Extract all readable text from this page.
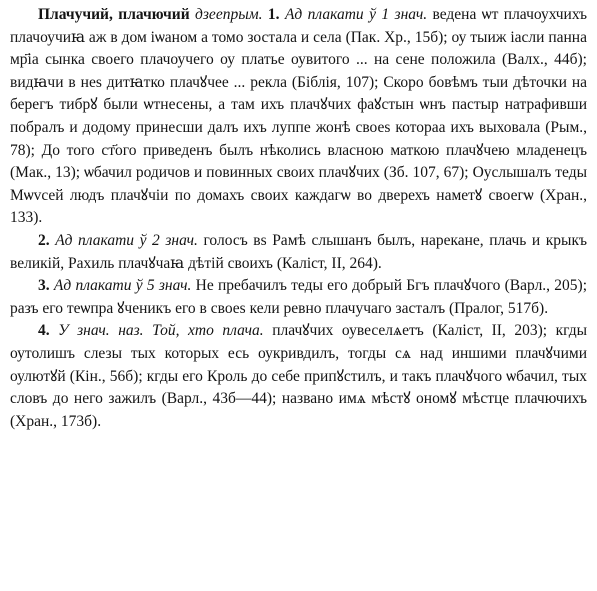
Плачучий, плачючий дзеепрым. 1. Ад плакати ў 1 знач. ведена ѡт плачоухчихъ плачоучиꙗ аж в дом iѡаном а томо зостала и села (Пак. Хр., 15б); оу тыиж iасли панна мр҃iа сынка своего плачоучего оу платье оувитого ... на сене положила (Валх., 44б); видꙗчи в неs дитꙗтко плачꙋчее ... рекла (Біблія, 107); Скоро бовѣмъ тыи дѣточки на берегъ тибрꙋ были ѡтнесены, а там ихъ плачꙋчих фаꙋстын ѡнъ пастыр натрафивши побралъ и додому принесши далъ ихъ луппе жонѣ своеs котораа ихъ выховала (Рым., 78); До того ст҃ого приведенъ былъ нѣколись власною маткою плачꙋчею младенецъ (Мак., 13); ѡбачил родичов и повинных своих плачꙋчих (Зб. 107, 67); Оуслышалъ теды Мѡvсей людъ плачꙋчiи по домахъ своих каждагѡ во дверехъ наметꙋ своегѡ (Хран., 133).

2. Ад плакати ў 2 знач. голосъ вs Рамѣ слышанъ былъ, нарекане, плачь и крыкъ великiй, Рахиль плачꙋчаꙗ дѣтiй своихъ (Калiст, II, 264).

3. Ад плакати ў 5 знач. Не пребачилъ теды его добрый Бгъ плачꙋчого (Варл., 205); разъ его теѡпра ꙋченикъ его в своеs кели ревно плачучаго засталъ (Пралог, 517б).

4. У знач. наз. Той, хто плача. плачꙋчих оувеселѧетъ (Калiст, II, 203); кгды оутолишъ слезы тых которых есь оукривдилъ, тогды сѧ над иншими плачꙋчими оулютꙋй (Кін., 56б); кгды его Кроль до себе припꙋстилъ, и такъ плачꙋчого ѡбачил, тых словъ до него зажилъ (Варл., 43б—44); названо имѧ мѣстꙋ ономꙋ мѣстце плачючихъ (Хран., 173б).
